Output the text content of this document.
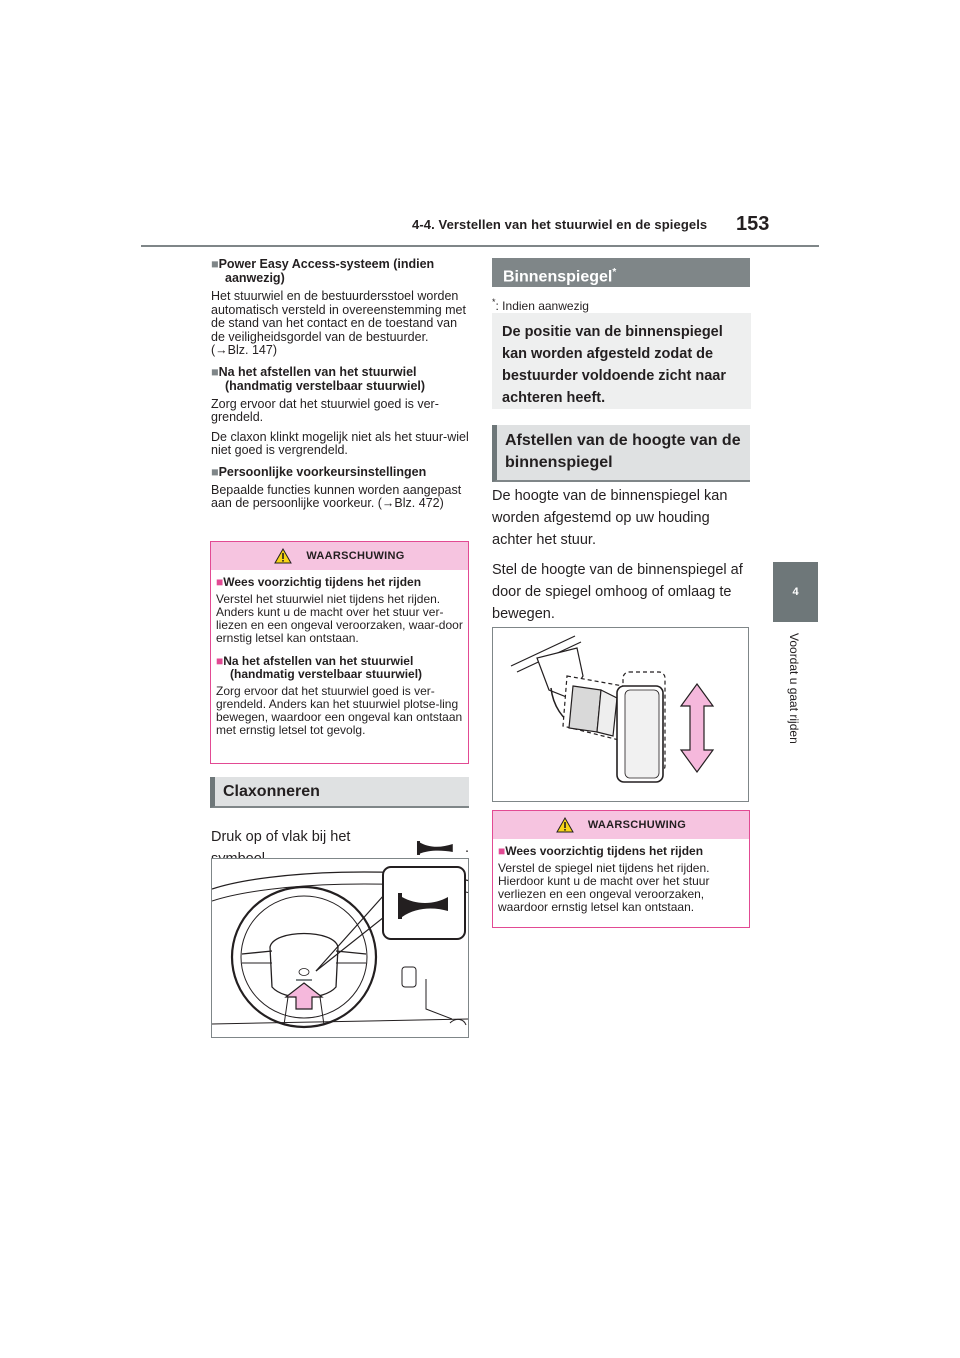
4-4. Verstellen van het stuurwiel en de spiegels 153
4
Voordat u gaat rijden
■Power Easy Access-systeem (indien aanwezig)
Het stuurwiel en de bestuurdersstoel worden automatisch versteld in overeenstemming met de stand van het contact en de toestand van de veiligheidsgordel van de bestuurder. (→Blz. 147)
■Na het afstellen van het stuurwiel (handmatig verstelbaar stuurwiel)
Zorg ervoor dat het stuurwiel goed is ver-grendeld.
De claxon klinkt mogelijk niet als het stuur-wiel niet goed is vergrendeld.
■Persoonlijke voorkeursinstellingen
Bepaalde functies kunnen worden aangepast aan de persoonlijke voorkeur. (→Blz. 472)
WAARSCHUWING
■Wees voorzichtig tijdens het rijden
Verstel het stuurwiel niet tijdens het rijden. Anders kunt u de macht over het stuur ver-liezen en een ongeval veroorzaken, waar-door ernstig letsel kan ontstaan.
■Na het afstellen van het stuurwiel (handmatig verstelbaar stuurwiel)
Zorg ervoor dat het stuurwiel goed is ver-grendeld. Anders kan het stuurwiel plotse-ling bewegen, waardoor een ongeval kan ontstaan met ernstig letsel tot gevolg.
Claxonneren
Druk op of vlak bij het
.
Binnenspiegel*
*: Indien aanwezig
De positie van de binnenspiegel kan worden afgesteld zodat de bestuurder voldoende zicht naar achteren heeft.
Afstellen van de hoogte van de binnenspiegel
De hoogte van de binnenspiegel kan worden afgestemd op uw houding achter het stuur.
Stel de hoogte van de binnenspiegel af door de spiegel omhoog of omlaag te bewegen.
WAARSCHUWING
■Wees voorzichtig tijdens het rijden
Verstel de spiegel niet tijdens het rijden. Hierdoor kunt u de macht over het stuur verliezen en een ongeval veroorzaken, waardoor ernstig letsel kan ontstaan.
